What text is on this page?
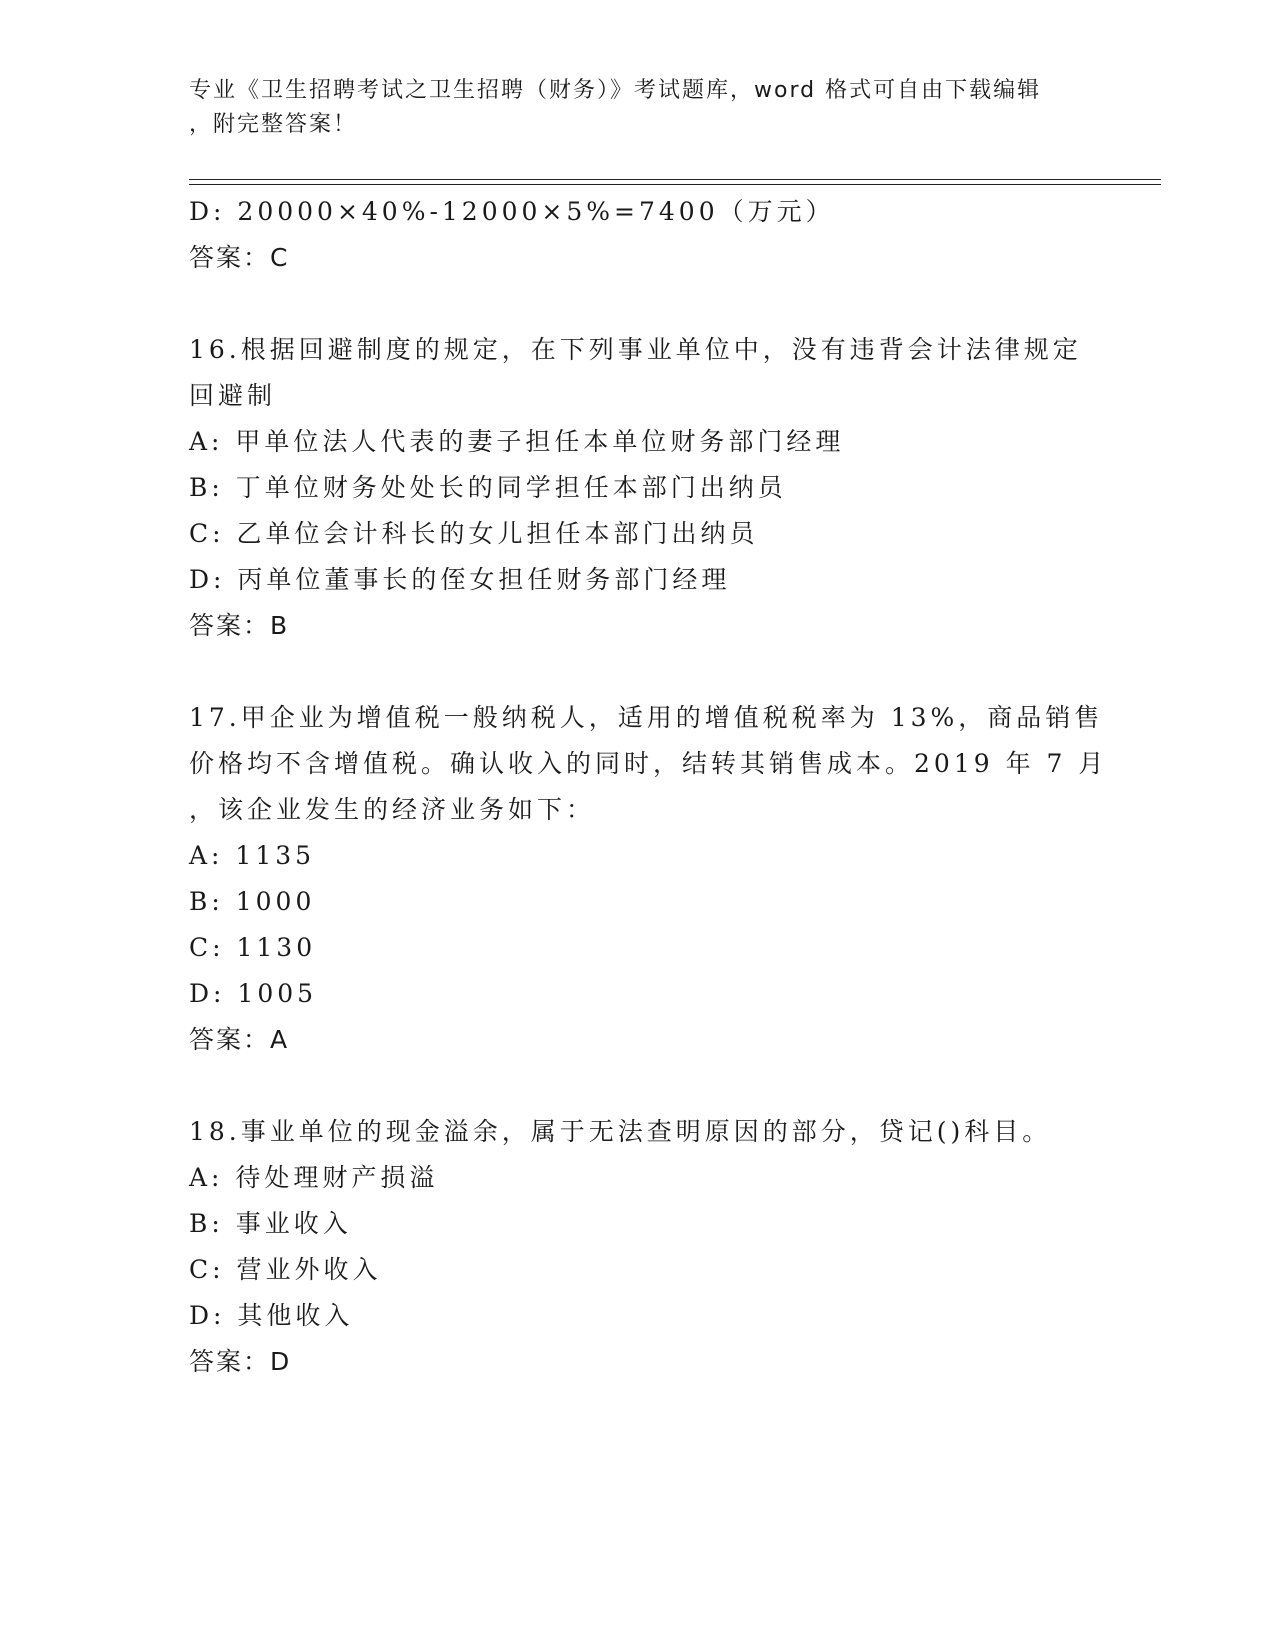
专业《卫生招聘考试之卫生招聘（财务）》考试题库，word 格式可自由下载编辑
，附完整答案！
D: 20000×40%-12000×5%=7400（万元）
答案：C
16.根据回避制度的规定，在下列事业单位中，没有违背会计法律规定
回避制
A: 甲单位法人代表的妻子担任本单位财务部门经理
B: 丁单位财务处处长的同学担任本部门出纳员
C: 乙单位会计科长的女儿担任本部门出纳员
D: 丙单位董事长的侄女担任财务部门经理
答案：B
17.甲企业为增值税一般纳税人，适用的增值税税率为 13%，商品销售
价格均不含增值税。确认收入的同时，结转其销售成本。2019 年 7 月
，该企业发生的经济业务如下：
A: 1135
B: 1000
C: 1130
D: 1005
答案：A
18.事业单位的现金溢余，属于无法查明原因的部分，贷记()科目。
A: 待处理财产损溢
B: 事业收入
C: 营业外收入
D: 其他收入
答案：D
